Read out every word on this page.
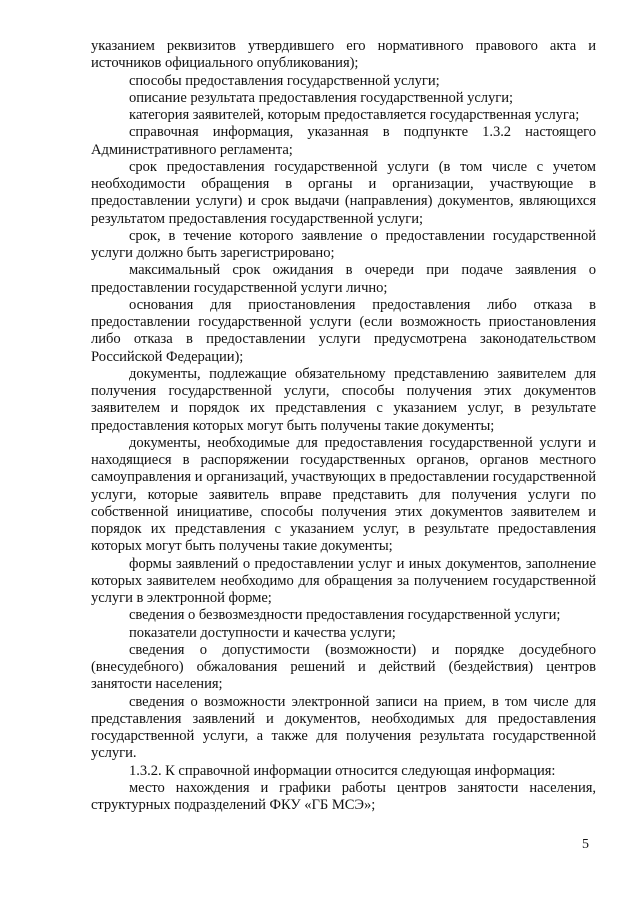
указанием реквизитов утвердившего его нормативного правового акта и источников официального опубликования);

способы предоставления государственной услуги;

описание результата предоставления государственной услуги;

категория заявителей, которым предоставляется государственная услуга;

справочная информация, указанная в подпункте 1.3.2 настоящего Административного регламента;

срок предоставления государственной услуги (в том числе с учетом необходимости обращения в органы и организации, участвующие в предоставлении услуги) и срок выдачи (направления) документов, являющихся результатом предоставления государственной услуги;

срок, в течение которого заявление о предоставлении государственной услуги должно быть зарегистрировано;

максимальный срок ожидания в очереди при подаче заявления о предоставлении государственной услуги лично;

основания для приостановления предоставления либо отказа в предоставлении государственной услуги (если возможность приостановления либо отказа в предоставлении услуги предусмотрена законодательством Российской Федерации);

документы, подлежащие обязательному представлению заявителем для получения государственной услуги, способы получения этих документов заявителем и порядок их представления с указанием услуг, в результате предоставления которых могут быть получены такие документы;

документы, необходимые для предоставления государственной услуги и находящиеся в распоряжении государственных органов, органов местного самоуправления и организаций, участвующих в предоставлении государственной услуги, которые заявитель вправе представить для получения услуги по собственной инициативе, способы получения этих документов заявителем и порядок их представления с указанием услуг, в результате предоставления которых могут быть получены такие документы;

формы заявлений о предоставлении услуг и иных документов, заполнение которых заявителем необходимо для обращения за получением государственной услуги в электронной форме;

сведения о безвозмездности предоставления государственной услуги;

показатели доступности и качества услуги;

сведения о допустимости (возможности) и порядке досудебного (внесудебного) обжалования решений и действий (бездействия) центров занятости населения;

сведения о возможности электронной записи на прием, в том числе для представления заявлений и документов, необходимых для предоставления государственной услуги, а также для получения результата государственной услуги.

1.3.2. К справочной информации относится следующая информация:

место нахождения и графики работы центров занятости населения, структурных подразделений ФКУ «ГБ МСЭ»;

5
